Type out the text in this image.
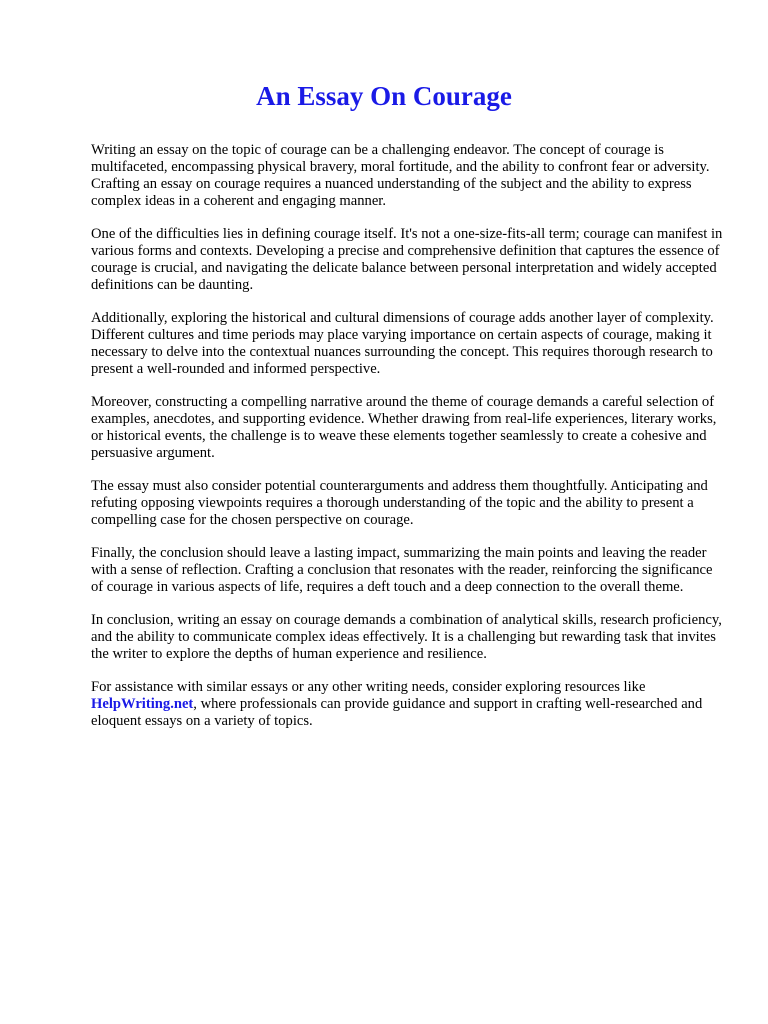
An Essay On Courage

Writing an essay on the topic of courage can be a challenging endeavor. The concept of courage is multifaceted, encompassing physical bravery, moral fortitude, and the ability to confront fear or adversity. Crafting an essay on courage requires a nuanced understanding of the subject and the ability to express complex ideas in a coherent and engaging manner.

One of the difficulties lies in defining courage itself. It's not a one-size-fits-all term; courage can manifest in various forms and contexts. Developing a precise and comprehensive definition that captures the essence of courage is crucial, and navigating the delicate balance between personal interpretation and widely accepted definitions can be daunting.

Additionally, exploring the historical and cultural dimensions of courage adds another layer of complexity. Different cultures and time periods may place varying importance on certain aspects of courage, making it necessary to delve into the contextual nuances surrounding the concept. This requires thorough research to present a well-rounded and informed perspective.

Moreover, constructing a compelling narrative around the theme of courage demands a careful selection of examples, anecdotes, and supporting evidence. Whether drawing from real-life experiences, literary works, or historical events, the challenge is to weave these elements together seamlessly to create a cohesive and persuasive argument.

The essay must also consider potential counterarguments and address them thoughtfully. Anticipating and refuting opposing viewpoints requires a thorough understanding of the topic and the ability to present a compelling case for the chosen perspective on courage.

Finally, the conclusion should leave a lasting impact, summarizing the main points and leaving the reader with a sense of reflection. Crafting a conclusion that resonates with the reader, reinforcing the significance of courage in various aspects of life, requires a deft touch and a deep connection to the overall theme.

In conclusion, writing an essay on courage demands a combination of analytical skills, research proficiency, and the ability to communicate complex ideas effectively. It is a challenging but rewarding task that invites the writer to explore the depths of human experience and resilience.

For assistance with similar essays or any other writing needs, consider exploring resources like HelpWriting.net, where professionals can provide guidance and support in crafting well-researched and eloquent essays on a variety of topics.
